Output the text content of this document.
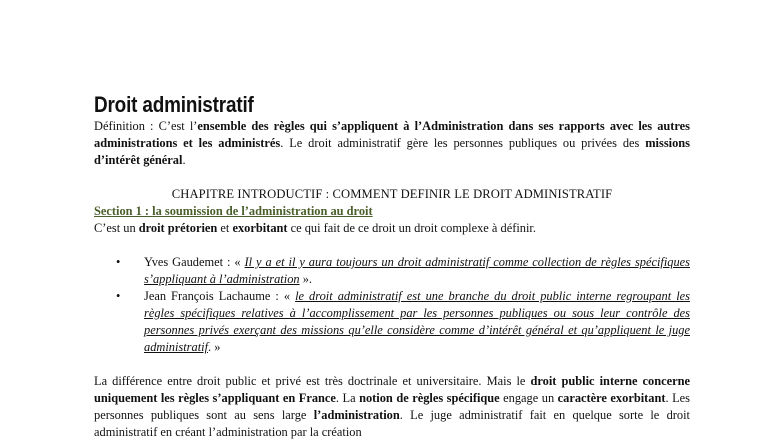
Droit administratif

Définition : C’est l’ensemble des règles qui s’appliquent à l’Administration dans ses rapports avec les autres administrations et les administrés. Le droit administratif gère les personnes publiques ou privées des missions d’intérêt général.

CHAPITRE INTRODUCTIF : COMMENT DEFINIR LE DROIT ADMINISTRATIF
Section 1 : la soumission de l’administration au droit

C’est un droit prétorien et exorbitant ce qui fait de ce droit un droit complexe à définir.

• Yves Gaudemet : « Il y a et il y aura toujours un droit administratif comme collection de règles spécifiques s’appliquant à l’administration ».
• Jean François Lachaume : « le droit administratif est une branche du droit public interne regroupant les règles spécifiques relatives à l’accomplissement par les personnes publiques ou sous leur contrôle des personnes privés exerçant des missions qu’elle considère comme d’intérêt général et qu’appliquent le juge administratif. »

La différence entre droit public et privé est très doctrinale et universitaire. Mais le droit public interne concerne uniquement les règles s’appliquant en France. La notion de règles spécifique engage un caractère exorbitant. Les personnes publiques sont au sens large l’administration. Le juge administratif fait en quelque sorte le droit administratif en créant l’administration par la création
